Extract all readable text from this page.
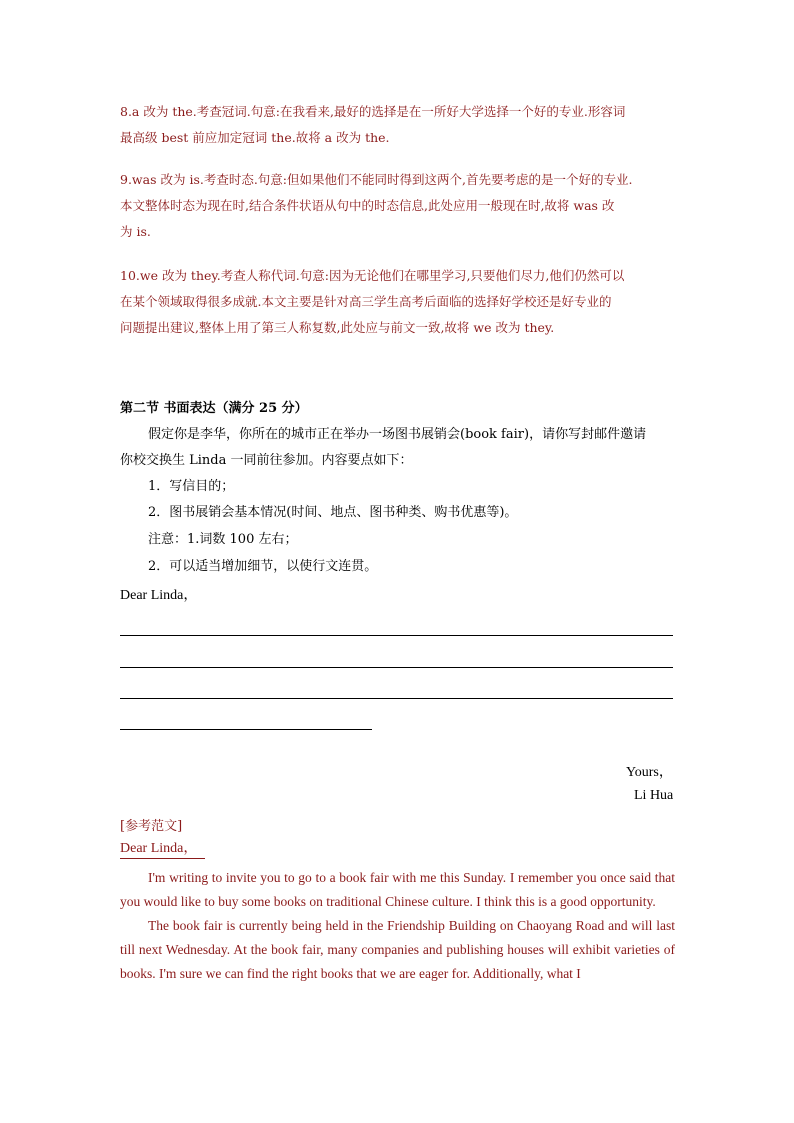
8.a 改为 the.考查冠词.句意:在我看来,最好的选择是在一所好大学选择一个好的专业.形容词
最高级 best 前应加定冠词 the.故将 a 改为 the.
9.was 改为 is.考查时态.句意:但如果他们不能同时得到这两个,首先要考虑的是一个好的专业.
本文整体时态为现在时,结合条件状语从句中的时态信息,此处应用一般现在时,故将 was 改
为 is.
10.we 改为 they.考查人称代词.句意:因为无论他们在哪里学习,只要他们尽力,他们仍然可以
在某个领域取得很多成就.本文主要是针对高三学生高考后面临的选择好学校还是好专业的
问题提出建议,整体上用了第三人称复数,此处应与前文一致,故将 we 改为 they.
第二节 书面表达（满分 25 分）
假定你是李华，你所在的城市正在举办一场图书展销会(book fair)，请你写封邮件邀请
你校交换生 Linda 一同前往参加。内容要点如下：
1．写信目的；
2．图书展销会基本情况(时间、地点、图书种类、购书优惠等)。
注意：1.词数 100 左右；
2．可以适当增加细节，以使行文连贯。
Dear Linda，
Yours，
Li Hua
[参考范文]
Dear Linda，

I'm writing to invite you to go to a book fair with me this Sunday. I remember you once said that you would like to buy some books on traditional Chinese culture. I think this is a good opportunity.

The book fair is currently being held in the Friendship Building on Chaoyang Road and will last till next Wednesday. At the book fair, many companies and publishing houses will exhibit varieties of books. I'm sure we can find the right books that we are eager for. Additionally, what I
